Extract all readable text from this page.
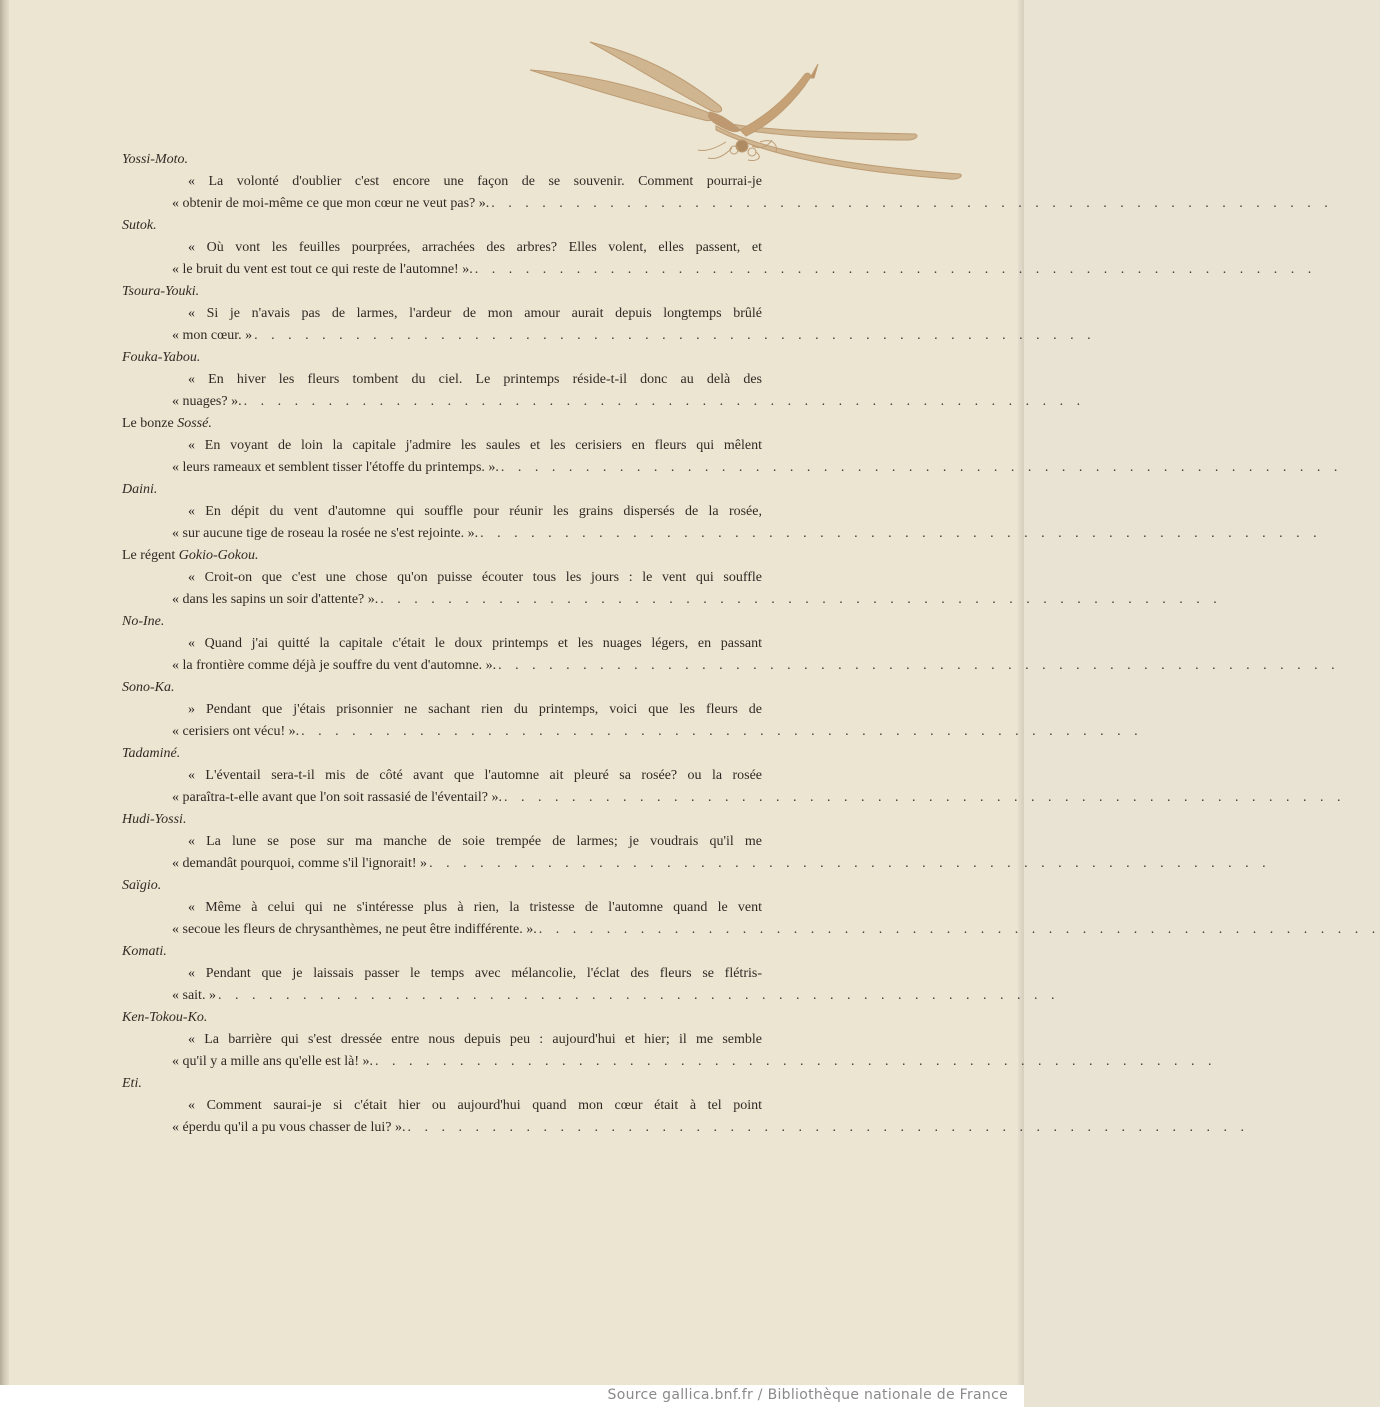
Yossi-Moto.
« La volonté d'oublier c'est encore une façon de se souvenir. Comment pourrai-je
« obtenir de moi-même ce que mon cœur ne veut pas? ». . . . . . . . . . . . . . . . . . . . . . . . . . . . . . . . . . . . . . . . . . . . . . . . . . .
Sutok.
« Où vont les feuilles pourprées, arrachées des arbres? Elles volent, elles passent, et
« le bruit du vent est tout ce qui reste de l'automne! ». . . . . . . . . . . . . . . . . . . . . . . . . . . . . . . . . . . . . . . . . . . . . . . . . . .
Tsoura-Youki.
« Si je n'avais pas de larmes, l'ardeur de mon amour aurait depuis longtemps brûlé
« mon cœur. » . . . . . . . . . . . . . . . . . . . . . . . . . . . . . . . . . . . . . . . . . . . . . . . . . .
Fouka-Yabou.
« En hiver les fleurs tombent du ciel. Le printemps réside-t-il donc au delà des
« nuages? ». . . . . . . . . . . . . . . . . . . . . . . . . . . . . . . . . . . . . . . . . . . . . . . . . . .
Le bonze Sossé.
« En voyant de loin la capitale j'admire les saules et les cerisiers en fleurs qui mêlent
« leurs rameaux et semblent tisser l'étoffe du printemps. ». . . . . . . . . . . . . . . . . . . . . . . . . . . . . . . . . . . . . . . . . . . . . . . . . . .
Daini.
« En dépit du vent d'automne qui souffle pour réunir les grains dispersés de la rosée,
« sur aucune tige de roseau la rosée ne s'est rejointe. ». . . . . . . . . . . . . . . . . . . . . . . . . . . . . . . . . . . . . . . . . . . . . . . . . . .
Le régent Gokio-Gokou.
« Croit-on que c'est une chose qu'on puisse écouter tous les jours : le vent qui souffle
« dans les sapins un soir d'attente? ». . . . . . . . . . . . . . . . . . . . . . . . . . . . . . . . . . . . . . . . . . . . . . . . . . .
No-Ine.
« Quand j'ai quitté la capitale c'était le doux printemps et les nuages légers, en passant
« la frontière comme déjà je souffre du vent d'automne. ». . . . . . . . . . . . . . . . . . . . . . . . . . . . . . . . . . . . . . . . . . . . . . . . . . .
Sono-Ka.
» Pendant que j'étais prisonnier ne sachant rien du printemps, voici que les fleurs de
« cerisiers ont vécu! ». . . . . . . . . . . . . . . . . . . . . . . . . . . . . . . . . . . . . . . . . . . . . . . . . . .
Tadaminé.
« L'éventail sera-t-il mis de côté avant que l'automne ait pleuré sa rosée? ou la rosée
« paraîtra-t-elle avant que l'on soit rassasié de l'éventail? ». . . . . . . . . . . . . . . . . . . . . . . . . . . . . . . . . . . . . . . . . . . . . . . . . . .
Hudi-Yossi.
« La lune se pose sur ma manche de soie trempée de larmes; je voudrais qu'il me
« demandât pourquoi, comme s'il l'ignorait! » . . . . . . . . . . . . . . . . . . . . . . . . . . . . . . . . . . . . . . . . . . . . . . . . . .
Saïgio.
« Même à celui qui ne s'intéresse plus à rien, la tristesse de l'automne quand le vent
« secoue les fleurs de chrysanthèmes, ne peut être indifférente. ». . . . . . . . . . . . . . . . . . . . . . . . . . . . . . . . . . . . . . . . . . . . . . . . . . .
Komati.
« Pendant que je laissais passer le temps avec mélancolie, l'éclat des fleurs se flétris-
« sait. » . . . . . . . . . . . . . . . . . . . . . . . . . . . . . . . . . . . . . . . . . . . . . . . . . .
Ken-Tokou-Ko.
« La barrière qui s'est dressée entre nous depuis peu : aujourd'hui et hier; il me semble
« qu'il y a mille ans qu'elle est là! ». . . . . . . . . . . . . . . . . . . . . . . . . . . . . . . . . . . . . . . . . . . . . . . . . . .
Eti.
« Comment saurai-je si c'était hier ou aujourd'hui quand mon cœur était à tel point
« éperdu qu'il a pu vous chasser de lui? ». . . . . . . . . . . . . . . . . . . . . . . . . . . . . . . . . . . . . . . . . . . . . . . . . . .
Source gallica.bnf.fr / Bibliothèque nationale de France
